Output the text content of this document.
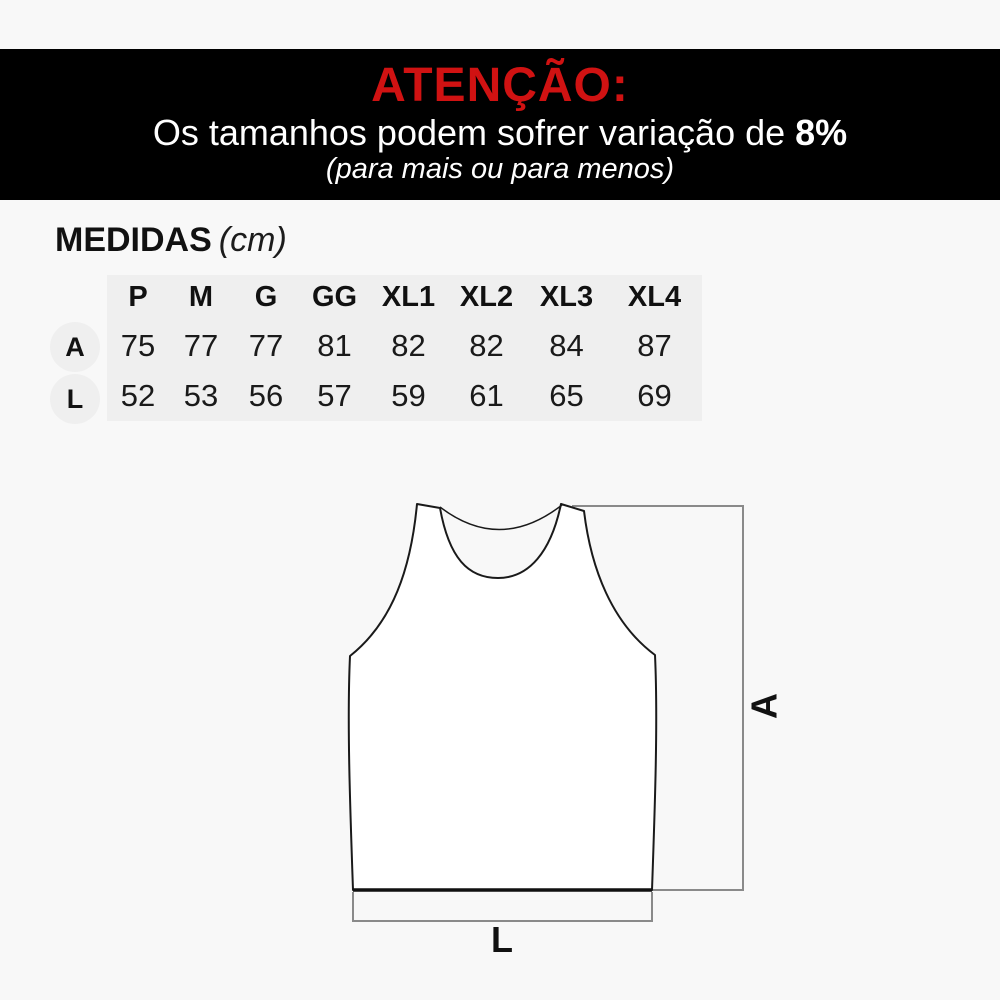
ATENÇÃO:
Os tamanhos podem sofrer variação de 8%
(para mais ou para menos)
MEDIDAS (cm)
A
L
P M G GG XL1 XL2 XL3 XL4
75 77 77 81 82 82 84 87
52 53 56 57 59 61 65 69
A
L
